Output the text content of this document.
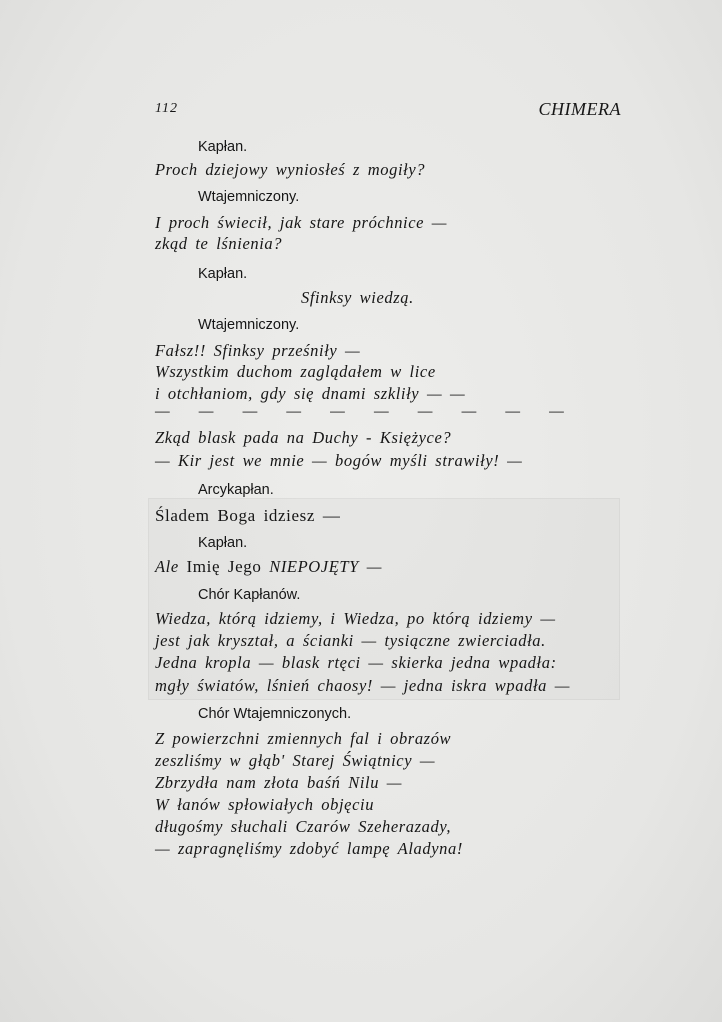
112	CHIMERA
Kapłan.
Proch dziejowy wyniosłeś z mogiły?
Wtajemniczony.
I proch świecił, jak stare próchnice —
zkąd te lśnienia?
Kapłan.
Sfinksy wiedzą.
Wtajemniczony.
Fałsz!! Sfinksy prześniły —
Wszystkim duchom zaglądałem w lice
i otchłaniom, gdy się dnami szkliły — —
— — — — — — — — — —
Zkąd blask pada na Duchy - Księżyce?
— Kir jest we mnie — bogów myśli strawiły! —
Arcykapłan.
Śladem Boga idziesz —
Kapłan.
Ale Imię Jego NIEPOJĘTY —
Chór Kapłanów.
Wiedza, którą idziemy, i Wiedza, po którą idziemy —
jest jak kryształ, a ścianki — tysiączne zwierciadła.
Jedna kropla — blask rtęci — skierka jedna wpadła:
mgły światów, lśnień chaosy! — jedna iskra wpadła —
Chór Wtajemniczonych.
Z powierzchni zmiennych fal i obrazów
zeszliśmy w głąb' Starej Świątnicy —
Zbrzydła nam złota baśń Nilu —
W łanów spłowiałych objęciu
długośmy słuchali Czarów Szeherazady,
— zapragnęliśmy zdobyć lampę Aladyna!
